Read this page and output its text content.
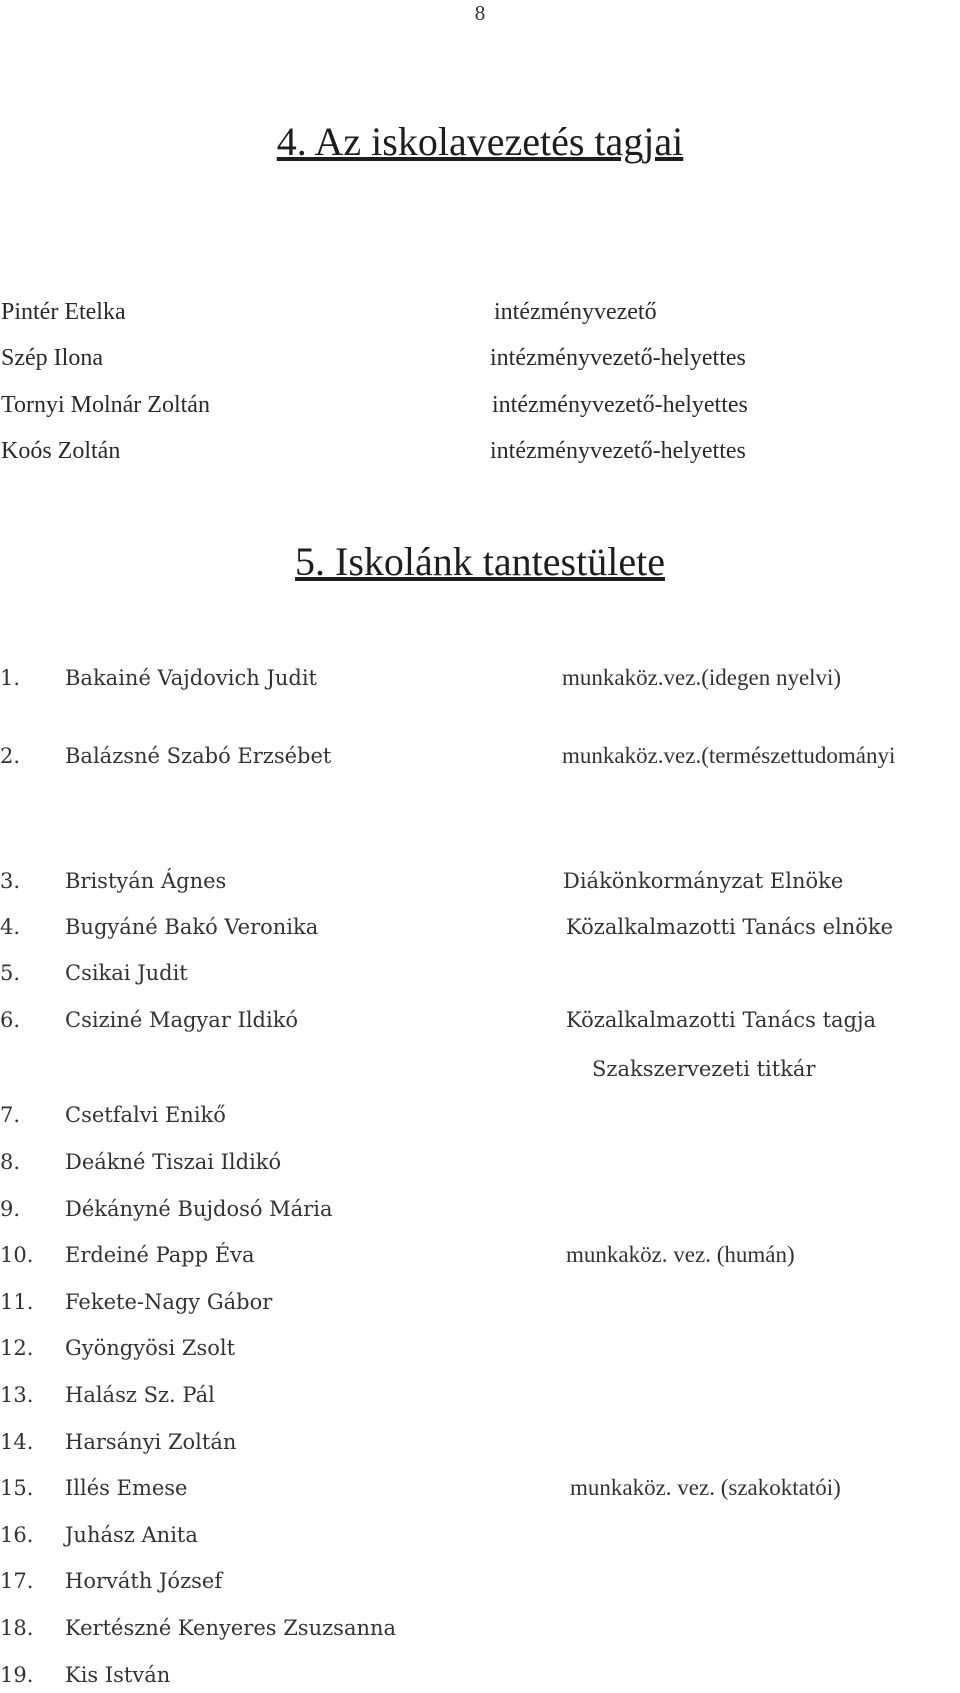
8
4. Az iskolavezetés tagjai
Pintér Etelka	intézményvezető
Szép Ilona	intézményvezető-helyettes
Tornyi Molnár Zoltán	intézményvezető-helyettes
Koós Zoltán	intézményvezető-helyettes
5. Iskolánk tantestülete
1. Bakainé Vajdovich Judit	munkaköz.vez.(idegen nyelvi)
2. Balázsné Szabó Erzsébet	munkaköz.vez.(természettudományi
3. Bristyán Ágnes	Diákönkormányzat Elnöke
4. Bugyáné Bakó Veronika	Közalkalmazotti Tanács elnöke
5. Csikai Judit
6. Csiziné Magyar Ildikó	Közalkalmazotti Tanács tagja
Szakszervezeti titkár
7. Csetfalvi Enikő
8. Deákné Tiszai Ildikó
9. Dékányné Bujdosó Mária
10. Erdeiné Papp Éva	munkaköz. vez. (humán)
11. Fekete-Nagy Gábor
12. Gyöngyösi Zsolt
13. Halász Sz. Pál
14. Harsányi Zoltán
15. Illés Emese	munkaköz. vez. (szakoktatói)
16. Juhász Anita
17. Horváth József
18. Kertészné Kenyeres Zsuzsanna
19. Kis István
